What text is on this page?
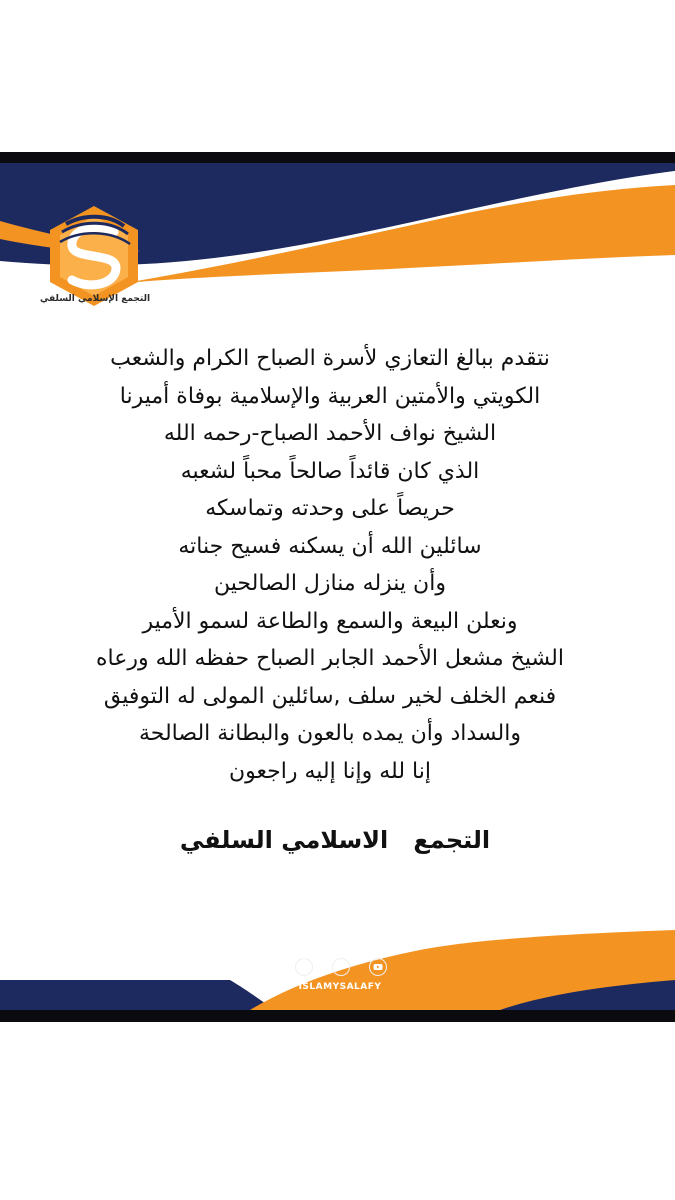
التجمع الإسلامي السلفي
نتقدم ببالغ التعازي لأسرة الصباح الكرام والشعب
الكويتي والأمتين العربية والإسلامية بوفاة أميرنا
الشيخ نواف الأحمد الصباح-رحمه الله
الذي كان قائداً صالحاً محباً لشعبه
حريصاً على وحدته وتماسكه
سائلين الله أن يسكنه فسيح جناته
وأن ينزله منازل الصالحين
ونعلن البيعة والسمع والطاعة لسمو الأمير
الشيخ مشعل الأحمد الجابر الصباح حفظه الله ورعاه
فنعم الخلف لخير سلف ,سائلين المولى له التوفيق
والسداد وأن يمده بالعون والبطانة الصالحة
إنا لله وإنا إليه راجعون
التجمع   الاسلامي السلفي
ISLAMYSALAFY
